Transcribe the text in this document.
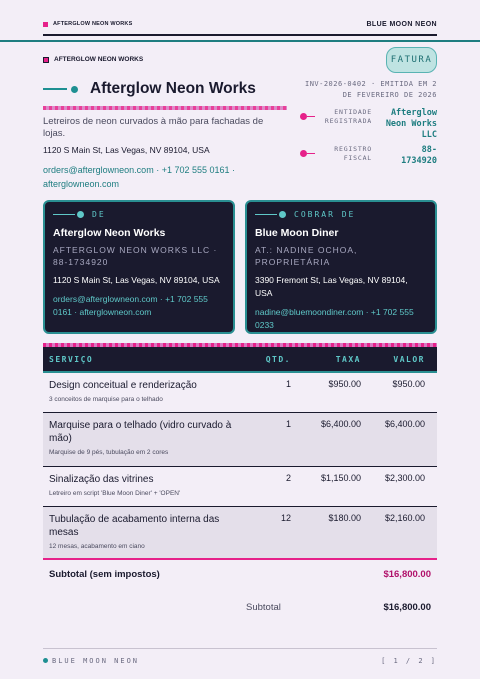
AFTERGLOW NEON WORKS	BLUE MOON NEON
AFTERGLOW NEON WORKS	FATURA
Afterglow Neon Works
Letreiros de neon curvados à mão para fachadas de lojas.
1120 S Main St, Las Vegas, NV 89104, USA
orders@afterglowneon.com · +1 702 555 0161 ·
afterglowneon.com
INV-2026-0402 · EMITIDA EM 2
DE FEVEREIRO DE 2026
ENTIDADE
REGISTRADA
Afterglow
Neon Works
LLC
REGISTRO
FISCAL
88-
1734920
DE
Afterglow Neon Works
AFTERGLOW NEON WORKS LLC · 88-1734920
1120 S Main St, Las Vegas, NV 89104, USA
orders@afterglowneon.com · +1 702 555 0161 · afterglowneon.com
COBRAR DE
Blue Moon Diner
AT.: NADINE OCHOA, PROPRIETÁRIA
3390 Fremont St, Las Vegas, NV 89104, USA
nadine@bluemoondiner.com · +1 702 555 0233
SERVIÇO	QTD.	TAXA	VALOR
Design conceitual e renderização
3 conceitos de marquise para o telhado
1	$950.00	$950.00
Marquise para o telhado (vidro curvado à mão)
Marquise de 9 pés, tubulação em 2 cores
1	$6,400.00	$6,400.00
Sinalização das vitrines
Letreiro em script 'Blue Moon Diner' + 'OPEN'
2	$1,150.00	$2,300.00
Tubulação de acabamento interna das mesas
12 mesas, acabamento em ciano
12	$180.00	$2,160.00
Subtotal (sem impostos)	$16,800.00
Subtotal	$16,800.00
BLUE MOON NEON	[ 1 / 2 ]
